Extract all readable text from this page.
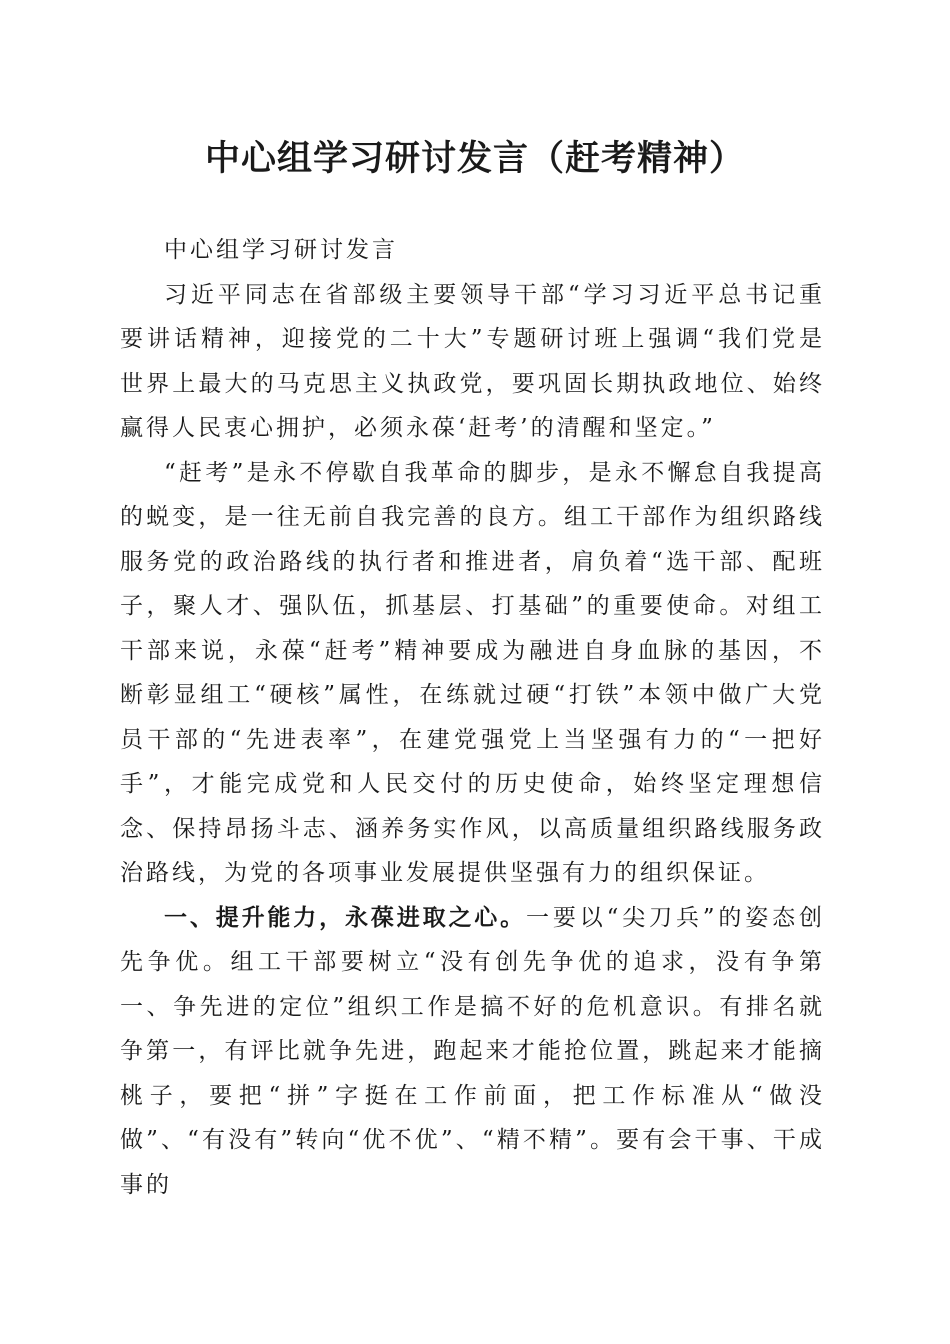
中心组学习研讨发言（赶考精神）

中心组学习研讨发言

习近平同志在省部级主要领导干部“学习习近平总书记重要讲话精神，迎接党的二十大”专题研讨班上强调“我们党是世界上最大的马克思主义执政党，要巩固长期执政地位、始终赢得人民衷心拥护，必须永葆‘赶考’的清醒和坚定。”

“赶考”是永不停歇自我革命的脚步，是永不懈怠自我提高的蜕变，是一往无前自我完善的良方。组工干部作为组织路线服务党的政治路线的执行者和推进者，肩负着“选干部、配班子，聚人才、强队伍，抓基层、打基础”的重要使命。对组工干部来说，永葆“赶考”精神要成为融进自身血脉的基因，不断彰显组工“硬核”属性，在练就过硬“打铁”本领中做广大党员干部的“先进表率”，在建党强党上当坚强有力的“一把好手”，才能完成党和人民交付的历史使命，始终坚定理想信念、保持昂扬斗志、涵养务实作风，以高质量组织路线服务政治路线，为党的各项事业发展提供坚强有力的组织保证。

一、提升能力，永葆进取之心。一要以“尖刀兵”的姿态创先争优。组工干部要树立“没有创先争优的追求，没有争第一、争先进的定位”组织工作是搞不好的危机意识。有排名就争第一，有评比就争先进，跑起来才能抢位置，跳起来才能摘桃子，要把“拼”字挺在工作前面，把工作标准从“做没做”、“有没有”转向“优不优”、“精不精”。要有会干事、干成事的
